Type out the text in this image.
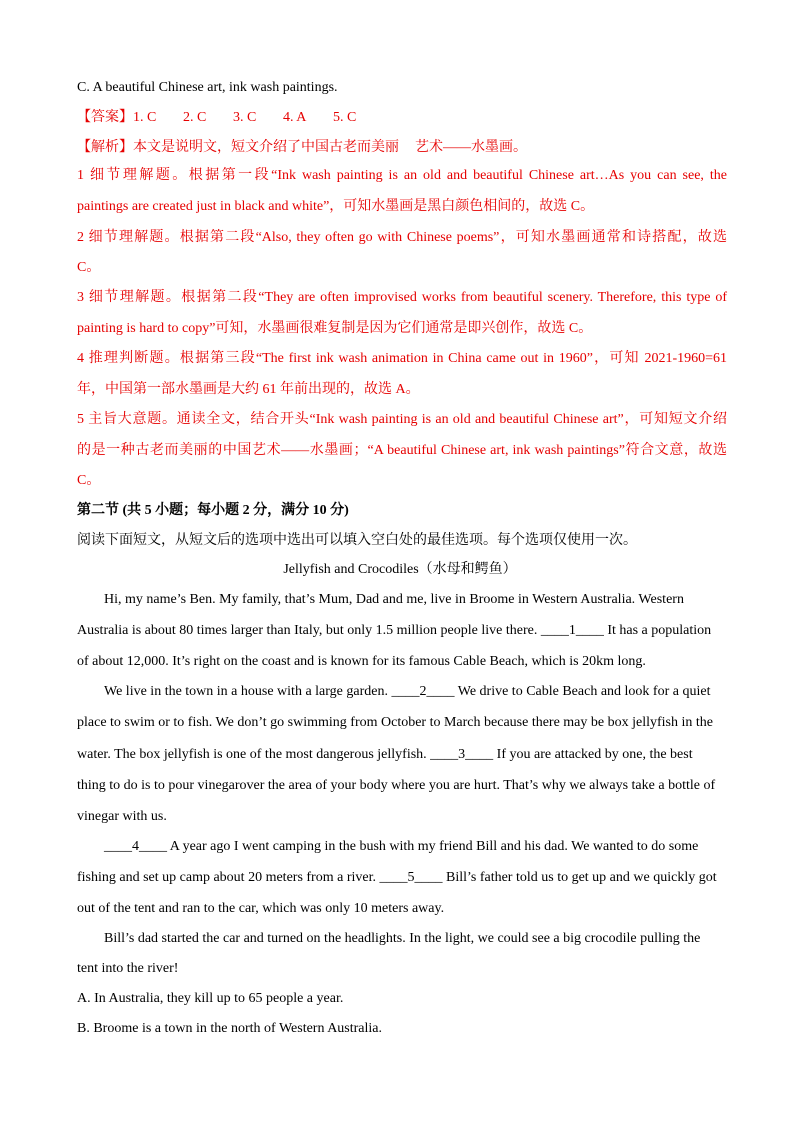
C. A beautiful Chinese art, ink wash paintings.
【答案】1. C 2. C 3. C 4. A 5. C
【解析】本文是说明文，短文介绍了中国古老而美丽 艺术——水墨画。
1 细节理解题。根据第一段“Ink wash painting is an old and beautiful Chinese art…As you can see, the
paintings are created just in black and white”，可知水墨画是黑白颜色相间的，故选 C。
2 细节理解题。根据第二段“Also, they often go with Chinese poems”，可知水墨画通常和诗搭配，故选
C。
3 细节理解题。根据第二段“They are often improvised works from beautiful scenery. Therefore, this type of
painting is hard to copy”可知，水墨画很难复制是因为它们通常是即兴创作，故选 C。
4 推理判断题。根据第三段“The first ink wash animation in China came out in 1960”，可知 2021-1960=61
年，中国第一部水墨画是大约 61 年前出现的，故选 A。
5 主旨大意题。通读全文，结合开头“Ink wash painting is an old and beautiful Chinese art”，可知短文介绍
的是一种古老而美丽的中国艺术——水墨画；“A beautiful Chinese art, ink wash paintings”符合文意，故选
C。
第二节 (共 5 小题；每小题 2 分，满分 10 分)
阅读下面短文，从短文后的选项中选出可以填入空白处的最佳选项。每个选项仅使用一次。
Jellyfish and Crocodiles（水母和鳄鱼）
Hi, my name’s Ben. My family, that’s Mum, Dad and me, live in Broome in Western Australia. Western
Australia is about 80 times larger than Italy, but only 1.5 million people live there. ____1____ It has a population
of about 12,000. It’s right on the coast and is known for its famous Cable Beach, which is 20km long.
We live in the town in a house with a large garden. ____2____ We drive to Cable Beach and look for a quiet
place to swim or to fish. We don’t go swimming from October to March because there may be box jellyfish in the
water. The box jellyfish is one of the most dangerous jellyfish. ____3____ If you are attacked by one, the best
thing to do is to pour vinegarover the area of your body where you are hurt. That’s why we always take a bottle of
vinegar with us.
____4____ A year ago I went camping in the bush with my friend Bill and his dad. We wanted to do some
fishing and set up camp about 20 meters from a river. ____5____ Bill’s father told us to get up and we quickly got
out of the tent and ran to the car, which was only 10 meters away.
Bill’s dad started the car and turned on the headlights. In the light, we could see a big crocodile pulling the
tent into the river!
A. In Australia, they kill up to 65 people a year.
B. Broome is a town in the north of Western Australia.
